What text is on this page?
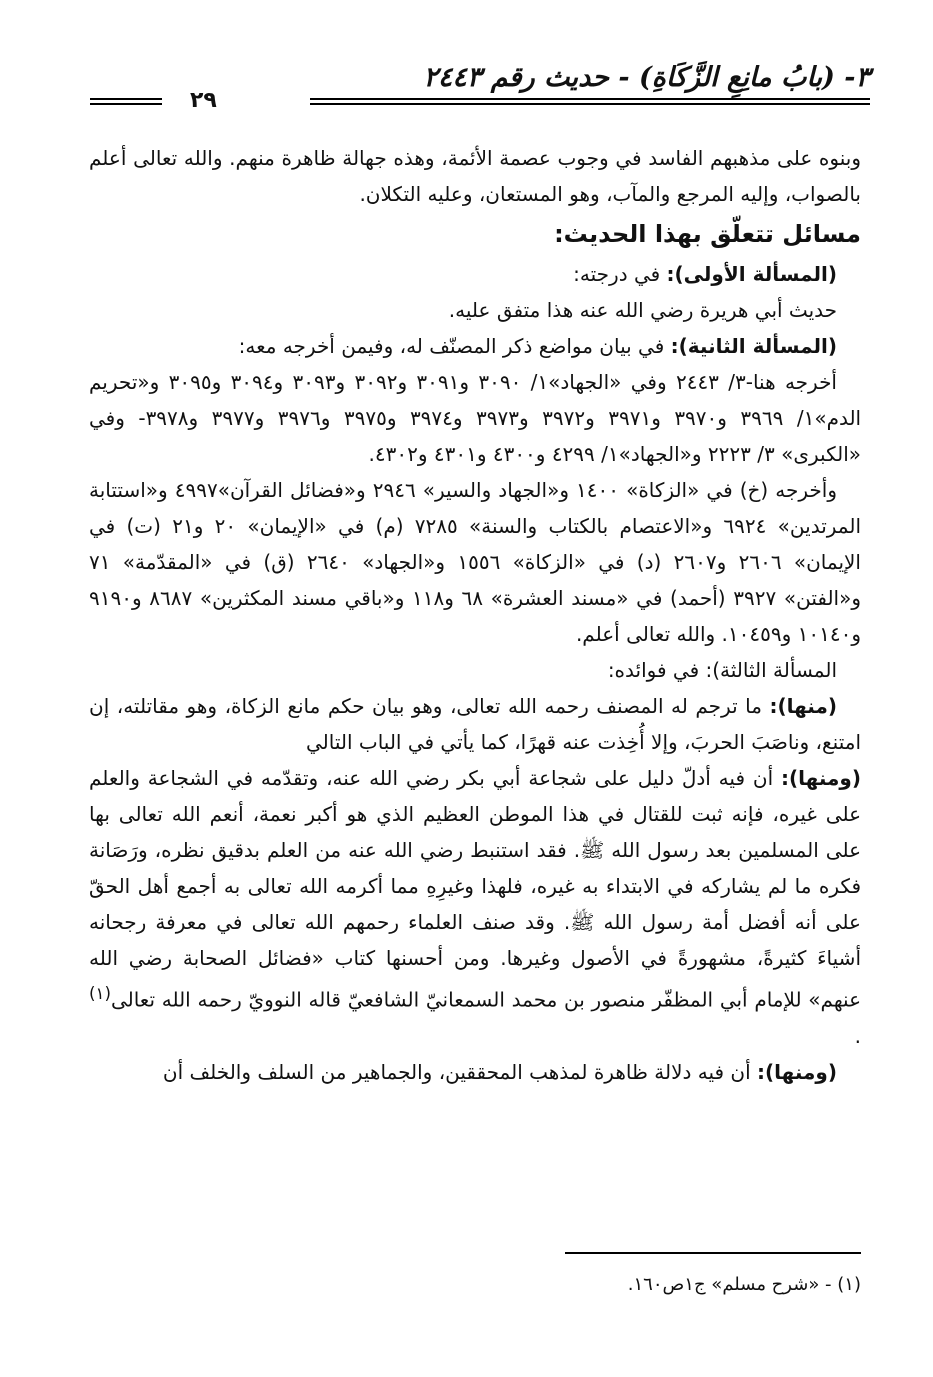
٣- (بابُ مانِعِ الزَّكَاةِ) - حديث رقم ٢٤٤٣
٢٩

وبنوه على مذهبهم الفاسد في وجوب عصمة الأئمة، وهذه جهالة ظاهرة منهم. والله تعالى أعلم بالصواب، وإليه المرجع والمآب، وهو المستعان، وعليه التكلان.

مسائل تتعلّق بهذا الحديث:

(المسألة الأولى): في درجته:

حديث أبي هريرة رضي الله عنه هذا متفق عليه.

(المسألة الثانية): في بيان مواضع ذكر المصنّف له، وفيمن أخرجه معه:

أخرجه هنا-٣/ ٢٤٤٣ وفي «الجهاد»١/ ٣٠٩٠ و٣٠٩١ و٣٠٩٢ و٣٠٩٣ و٣٠٩٤ و٣٠٩٥ و«تحريم الدم»١/ ٣٩٦٩ و٣٩٧٠ و٣٩٧١ و٣٩٧٢ و٣٩٧٣ و٣٩٧٤ و٣٩٧٥ و٣٩٧٦ و٣٩٧٧ و٣٩٧٨- وفي «الكبرى» ٣/ ٢٢٢٣ و«الجهاد»١/ ٤٢٩٩ و٤٣٠٠ و٤٣٠١ و٤٣٠٢.

وأخرجه (خ) في «الزكاة» ١٤٠٠ و«الجهاد والسير» ٢٩٤٦ و«فضائل القرآن»٤٩٩٧ و«استتابة المرتدين» ٦٩٢٤ و«الاعتصام بالكتاب والسنة» ٧٢٨٥ (م) في «الإيمان» ٢٠ و٢١ (ت) في الإيمان» ٢٦٠٦ و٢٦٠٧ (د) في «الزكاة» ١٥٥٦ و«الجهاد» ٢٦٤٠ (ق) في «المقدّمة» ٧١ و«الفتن» ٣٩٢٧ (أحمد) في «مسند العشرة» ٦٨ و١١٨ و«باقي مسند المكثرين» ٨٦٨٧ و٩١٩٠ و١٠١٤٠ و١٠٤٥٩. والله تعالى أعلم.

المسألة الثالثة): في فوائده:

(منها): ما ترجم له المصنف رحمه الله تعالى، وهو بيان حكم مانع الزكاة، وهو مقاتلته، إن امتنع، وناصَبَ الحربَ، وإلا أُخِذت عنه قهرًا، كما يأتي في الباب التالي

(ومنها): أن فيه أدلّ دليل على شجاعة أبي بكر رضي الله عنه، وتقدّمه في الشجاعة والعلم على غيره، فإنه ثبت للقتال في هذا الموطن العظيم الذي هو أكبر نعمة، أنعم الله تعالى بها على المسلمين بعد رسول الله ﷺ. فقد استنبط رضي الله عنه من العلم بدقيق نظره، ورَصَانة فكره ما لم يشاركه في الابتداء به غيره، فلهذا وغيرِهِ مما أكرمه الله تعالى به أجمع أهل الحقّ على أنه أفضل أمة رسول الله ﷺ. وقد صنف العلماء رحمهم الله تعالى في معرفة رجحانه أشياءَ كثيرةً، مشهورةً في الأصول وغيرها. ومن أحسنها كتاب «فضائل الصحابة رضي الله عنهم» للإمام أبي المظفّر منصور بن محمد السمعانيّ الشافعيّ قاله النوويّ رحمه الله تعالى$^{(١)}$ .

(ومنها): أن فيه دلالة ظاهرة لمذهب المحققين، والجماهير من السلف والخلف أن

(١) - «شرح مسلم» ج١ص١٦٠.
